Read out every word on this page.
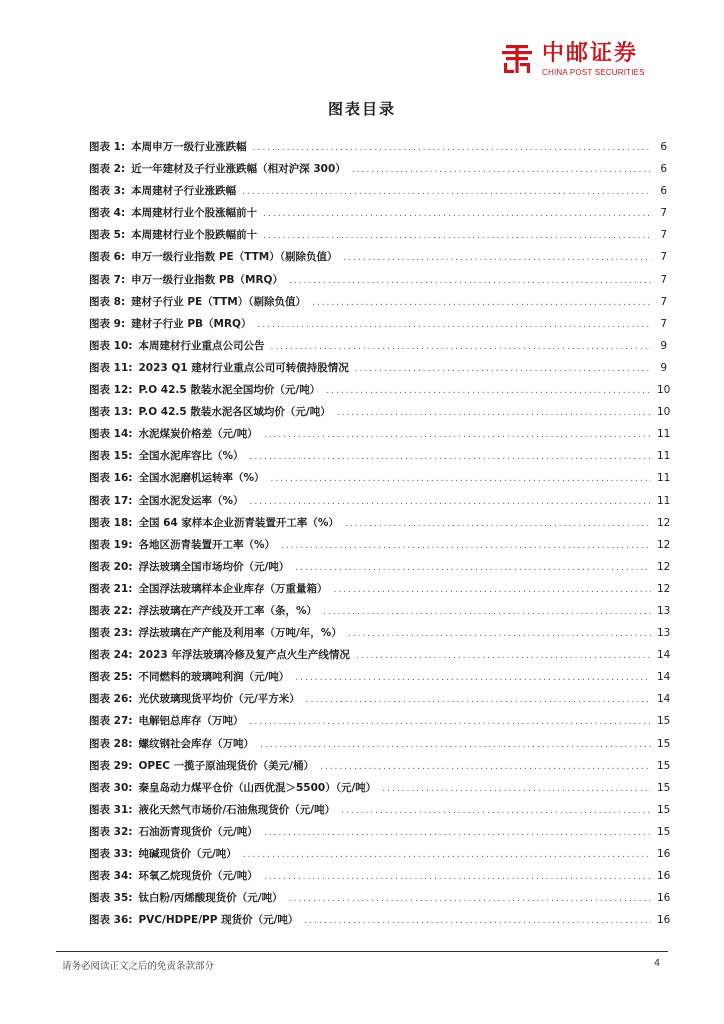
中邮证券
CHINA POST SECURITIES
图表目录
图表 1: 本周申万一级行业涨跌幅 .....	6
图表 2: 近一年建材及子行业涨跌幅（相对沪深 300） .....	6
图表 3: 本周建材子行业涨跌幅 .....	6
图表 4: 本周建材行业个股涨幅前十 .....	7
图表 5: 本周建材行业个股跌幅前十 .....	7
图表 6: 申万一级行业指数 PE（TTM）（剔除负值） .....	7
图表 7: 申万一级行业指数 PB（MRQ） .....	7
图表 8: 建材子行业 PE（TTM）（剔除负值） .....	7
图表 9: 建材子行业 PB（MRQ） .....	7
图表 10: 本周建材行业重点公司公告 .....	9
图表 11: 2023 Q1 建材行业重点公司可转债持股情况 .....	9
图表 12: P.O 42.5 散装水泥全国均价（元/吨） .....	10
图表 13: P.O 42.5 散装水泥各区域均价（元/吨） .....	10
图表 14: 水泥煤炭价格差（元/吨） .....	11
图表 15: 全国水泥库容比（%） .....	11
图表 16: 全国水泥磨机运转率（%） .....	11
图表 17: 全国水泥发运率（%） .....	11
图表 18: 全国 64 家样本企业沥青装置开工率（%） .....	12
图表 19: 各地区沥青装置开工率（%） .....	12
图表 20: 浮法玻璃全国市场均价（元/吨） .....	12
图表 21: 全国浮法玻璃样本企业库存（万重量箱） .....	12
图表 22: 浮法玻璃在产产线及开工率（条，%） .....	13
图表 23: 浮法玻璃在产产能及利用率（万吨/年，%） .....	13
图表 24: 2023 年浮法玻璃冷修及复产点火生产线情况 .....	14
图表 25: 不同燃料的玻璃吨利润（元/吨） .....	14
图表 26: 光伏玻璃现货平均价（元/平方米） .....	14
图表 27: 电解铝总库存（万吨） .....	15
图表 28: 螺纹钢社会库存（万吨） .....	15
图表 29: OPEC 一揽子原油现货价（美元/桶） .....	15
图表 30: 秦皇岛动力煤平仓价（山西优混＞5500）（元/吨） .....	15
图表 31: 液化天然气市场价/石油焦现货价（元/吨） .....	15
图表 32: 石油沥青现货价（元/吨） .....	15
图表 33: 纯碱现货价（元/吨） .....	16
图表 34: 环氧乙烷现货价（元/吨） .....	16
图表 35: 钛白粉/丙烯酸现货价（元/吨） .....	16
图表 36: PVC/HDPE/PP 现货价（元/吨） .....	16
请务必阅读正文之后的免责条款部分	4
